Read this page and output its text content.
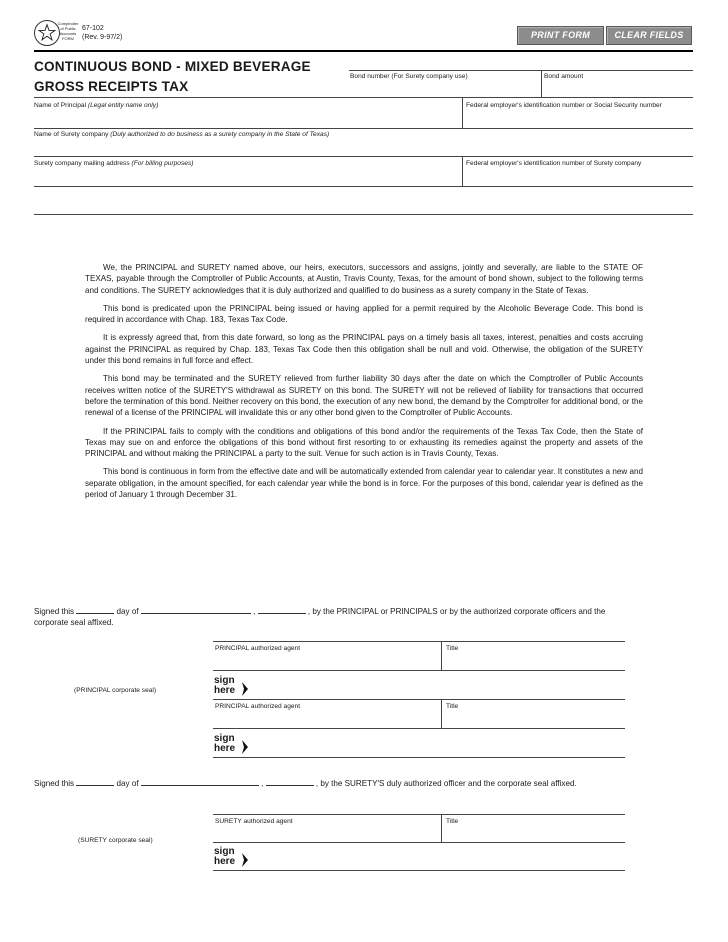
Comptroller
of Public
Accounts
FORM
67-102
(Rev. 9-97/2)	PRINT FORM	CLEAR FIELDS
CONTINUOUS BOND - MIXED BEVERAGE
GROSS RECEIPTS TAX
Bond number (For Surety company use)	Bond amount
Name of Principal (Legal entity name only)	Federal employer's identification number or Social Security number
Name of Surety company (Duly authorized to do business as a surety company in the State of Texas)
Surety company mailing address (For billing purposes)	Federal employer's identification number of Surety company

We, the PRINCIPAL and SURETY named above, our heirs, executors, successors and assigns, jointly and severally, are liable to the STATE OF TEXAS, payable through the Comptroller of Public Accounts, at Austin, Travis County, Texas, for the amount of bond shown, subject to the following terms and conditions. The SURETY acknowledges that it is duly authorized and qualified to do business as a surety company in the State of Texas.

This bond is predicated upon the PRINCIPAL being issued or having applied for a permit required by the Alcoholic Beverage Code. This bond is required in accordance with Chap. 183, Texas Tax Code.

It is expressly agreed that, from this date forward, so long as the PRINCIPAL pays on a timely basis all taxes, interest, penalties and costs accruing against the PRINCIPAL as required by Chap. 183, Texas Tax Code then this obligation shall be null and void. Otherwise, the obligation of the SURETY under this bond remains in full force and effect.

This bond may be terminated and the SURETY relieved from further liability 30 days after the date on which the Comptroller of Public Accounts receives written notice of the SURETY'S withdrawal as SURETY on this bond. The SURETY will not be relieved of liability for transactions that occurred before the termination of this bond. Neither recovery on this bond, the execution of any new bond, the demand by the Comptroller for additional bond, or the renewal of a license of the PRINCIPAL will invalidate this or any other bond given to the Comptroller of Public Accounts.

If the PRINCIPAL fails to comply with the conditions and obligations of this bond and/or the requirements of the Texas Tax Code, then the State of Texas may sue on and enforce the obligations of this bond without first resorting to or exhausting its remedies against the property and assets of the PRINCIPAL and without making the PRINCIPAL a party to the suit. Venue for such action is in Travis County, Texas.

This bond is continuous in form from the effective date and will be automatically extended from calendar year to calendar year. It constitutes a new and separate obligation, in the amount specified, for each calendar year while the bond is in force. For the purposes of this bond, calendar year is defined as the period of January 1 through December 31.

Signed this	day of	,	, by the PRINCIPAL or PRINCIPALS or by the authorized corporate officers and the
corporate seal affixed.
PRINCIPAL authorized agent	Title
sign
here
(PRINCIPAL corporate seal)
PRINCIPAL authorized agent	Title
sign
here
Signed this	day of	,	, by the SURETY'S duly authorized officer and the corporate seal affixed.
SURETY authorized agent	Title
(SURETY corporate seal)
sign
here
